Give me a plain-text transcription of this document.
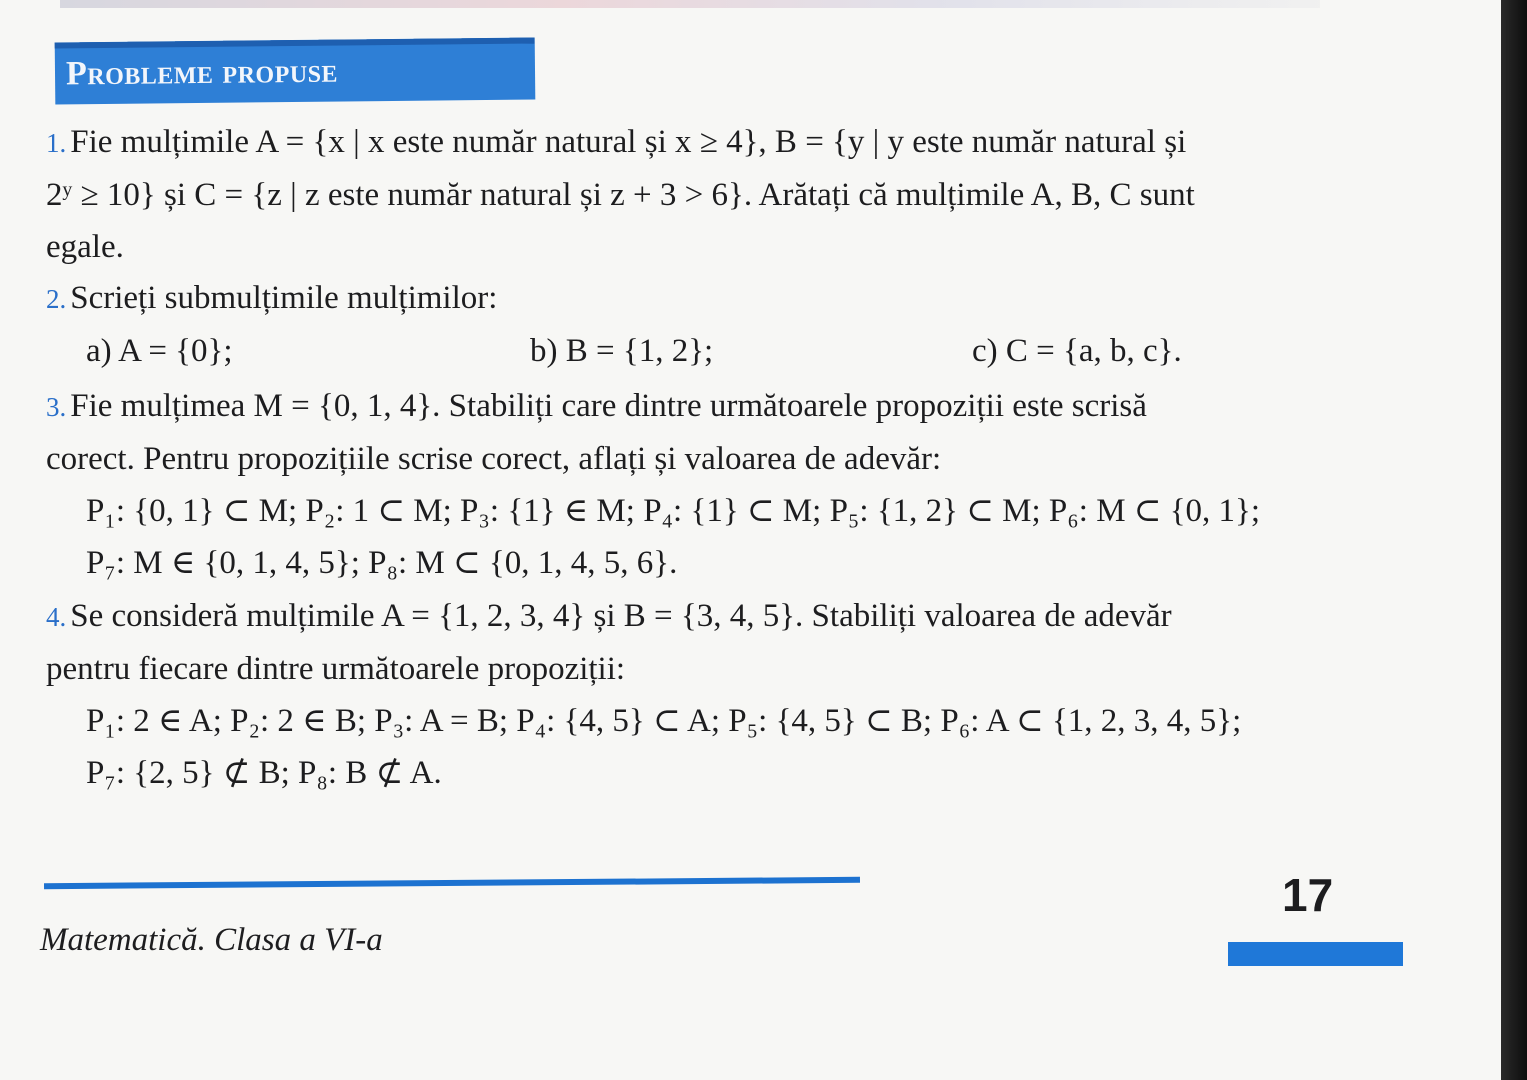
Probleme propuse
1. Fie mulțimile A = {x | x este număr natural și x ≥ 4}, B = {y | y este număr natural și
2ʸ ≥ 10} și C = {z | z este număr natural și z + 3 > 6}. Arătați că mulțimile A, B, C sunt
egale.
2. Scrieți submulțimile mulțimilor:
a) A = {0};	b) B = {1, 2};	c) C = {a, b, c}.
3. Fie mulțimea M = {0, 1, 4}. Stabiliți care dintre următoarele propoziții este scrisă
corect. Pentru propozițiile scrise corect, aflați și valoarea de adevăr:
P₁: {0, 1} ⊂ M; P₂: 1 ⊂ M; P₃: {1} ∈ M; P₄: {1} ⊂ M; P₅: {1, 2} ⊂ M; P₆: M ⊂ {0, 1};
P₇: M ∈ {0, 1, 4, 5}; P₈: M ⊂ {0, 1, 4, 5, 6}.
4. Se consideră mulțimile A = {1, 2, 3, 4} și B = {3, 4, 5}. Stabiliți valoarea de adevăr
pentru fiecare dintre următoarele propoziții:
P₁: 2 ∈ A; P₂: 2 ∈ B; P₃: A = B; P₄: {4, 5} ⊂ A; P₅: {4, 5} ⊂ B; P₆: A ⊂ {1, 2, 3, 4, 5};
P₇: {2, 5} ⊄ B; P₈: B ⊄ A.
Matematică. Clasa a VI-a
17
